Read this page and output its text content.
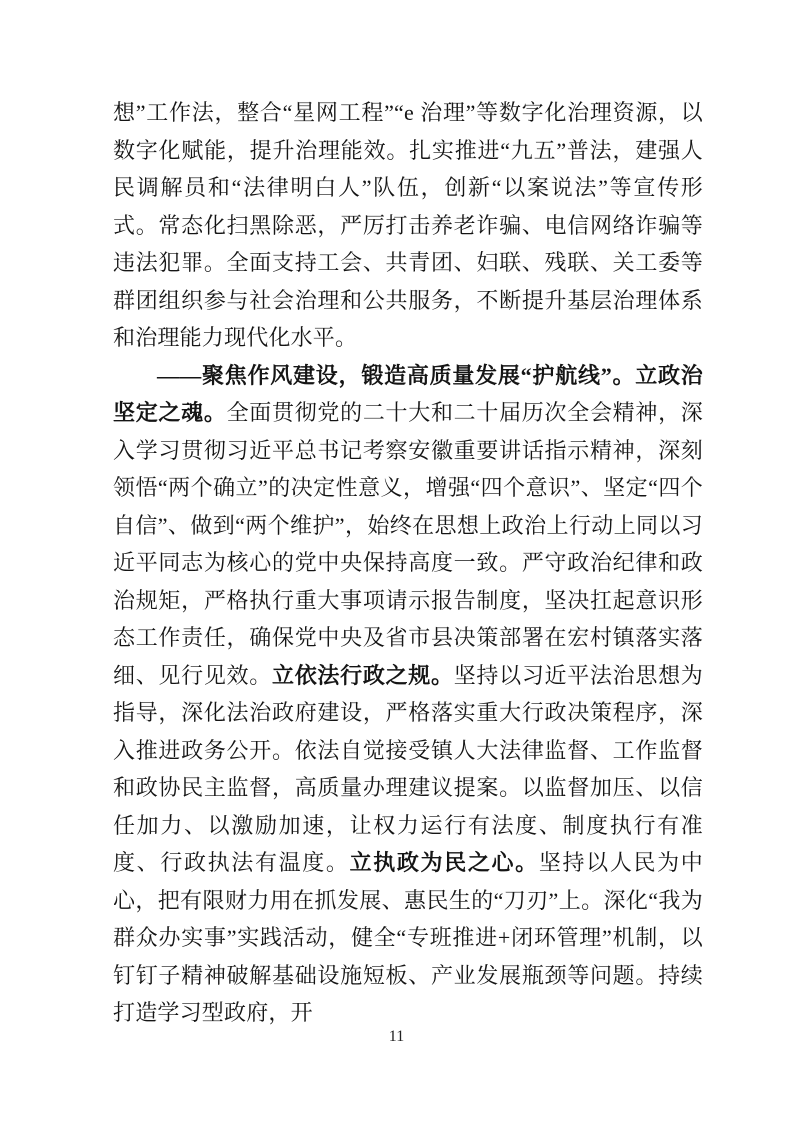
想”工作法，整合“星网工程”“e 治理”等数字化治理资源，以数字化赋能，提升治理能效。扎实推进“九五”普法，建强人民调解员和“法律明白人”队伍，创新“以案说法”等宣传形式。常态化扫黑除恶，严厉打击养老诈骗、电信网络诈骗等违法犯罪。全面支持工会、共青团、妇联、残联、关工委等群团组织参与社会治理和公共服务，不断提升基层治理体系和治理能力现代化水平。

——聚焦作风建设，锻造高质量发展“护航线”。立政治坚定之魂。全面贯彻党的二十大和二十届历次全会精神，深入学习贯彻习近平总书记考察安徽重要讲话指示精神，深刻领悟“两个确立”的决定性意义，增强“四个意识”、坚定“四个自信”、做到“两个维护”，始终在思想上政治上行动上同以习近平同志为核心的党中央保持高度一致。严守政治纪律和政治规矩，严格执行重大事项请示报告制度，坚决扛起意识形态工作责任，确保党中央及省市县决策部署在宏村镇落实落细、见行见效。立依法行政之规。坚持以习近平法治思想为指导，深化法治政府建设，严格落实重大行政决策程序，深入推进政务公开。依法自觉接受镇人大法律监督、工作监督和政协民主监督，高质量办理建议提案。以监督加压、以信任加力、以激励加速，让权力运行有法度、制度执行有准度、行政执法有温度。立执政为民之心。坚持以人民为中心，把有限财力用在抓发展、惠民生的“刀刃”上。深化“我为群众办实事”实践活动，健全“专班推进+闭环管理”机制，以钉钉子精神破解基础设施短板、产业发展瓶颈等问题。持续打造学习型政府，开

11
